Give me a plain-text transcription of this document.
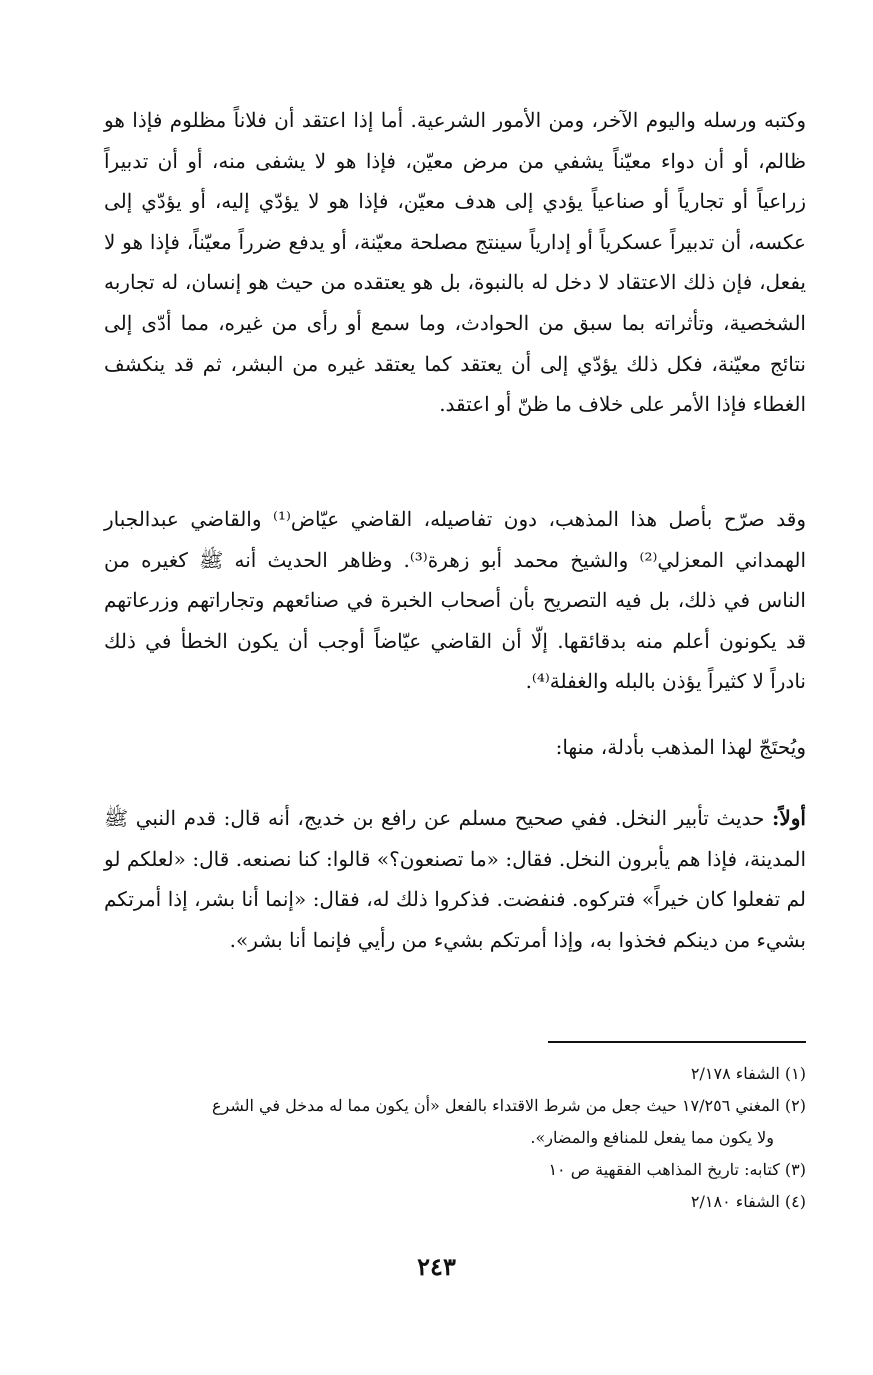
وكتبه ورسله واليوم الآخر، ومن الأمور الشرعية. أما إذا اعتقد أن فلاناً مظلوم فإذا هو ظالم، أو أن دواء معيّناً يشفي من مرض معيّن، فإذا هو لا يشفى منه، أو أن تدبيراً زراعياً أو تجارياً أو صناعياً يؤدي إلى هدف معيّن، فإذا هو لا يؤدّي إليه، أو يؤدّي إلى عكسه، أن تدبيراً عسكرياً أو إدارياً سينتج مصلحة معيّنة، أو يدفع ضرراً معيّناً، فإذا هو لا يفعل، فإن ذلك الاعتقاد لا دخل له بالنبوة، بل هو يعتقده من حيث هو إنسان، له تجاربه الشخصية، وتأثراته بما سبق من الحوادث، وما سمع أو رأى من غيره، مما أدّى إلى نتائج معيّنة، فكل ذلك يؤدّي إلى أن يعتقد كما يعتقد غيره من البشر، ثم قد ينكشف الغطاء فإذا الأمر على خلاف ما ظنّ أو اعتقد.

وقد صرّح بأصل هذا المذهب، دون تفاصيله، القاضي عيّاض⁽¹⁾ والقاضي عبدالجبار الهمداني المعزلي⁽²⁾ والشيخ محمد أبو زهرة⁽³⁾. وظاهر الحديث أنه ﷺ كغيره من الناس في ذلك، بل فيه التصريح بأن أصحاب الخبرة في صنائعهم وتجاراتهم وزرعاتهم قد يكونون أعلم منه بدقائقها. إلّا أن القاضي عيّاضاً أوجب أن يكون الخطأ في ذلك نادراً لا كثيراً يؤذن بالبله والغفلة⁽⁴⁾.

ويُحتَجّ لهذا المذهب بأدلة، منها:

أولاً: حديث تأبير النخل. ففي صحيح مسلم عن رافع بن خديج، أنه قال: قدم النبي ﷺ المدينة، فإذا هم يأبرون النخل. فقال: «ما تصنعون؟» قالوا: كنا نصنعه. قال: «لعلكم لو لم تفعلوا كان خيراً» فتركوه. فنفضت. فذكروا ذلك له، فقال: «إنما أنا بشر، إذا أمرتكم بشيء من دينكم فخذوا به، وإذا أمرتكم بشيء من رأيي فإنما أنا بشر».

(١) الشفاء ٢/١٧٨
(٢) المغني ١٧/٢٥٦ حيث جعل من شرط الاقتداء بالفعل «أن يكون مما له مدخل في الشرع
ولا يكون مما يفعل للمنافع والمضار».
(٣) كتابه: تاريخ المذاهب الفقهية ص ١٠
(٤) الشفاء ٢/١٨٠
٢٤٣
